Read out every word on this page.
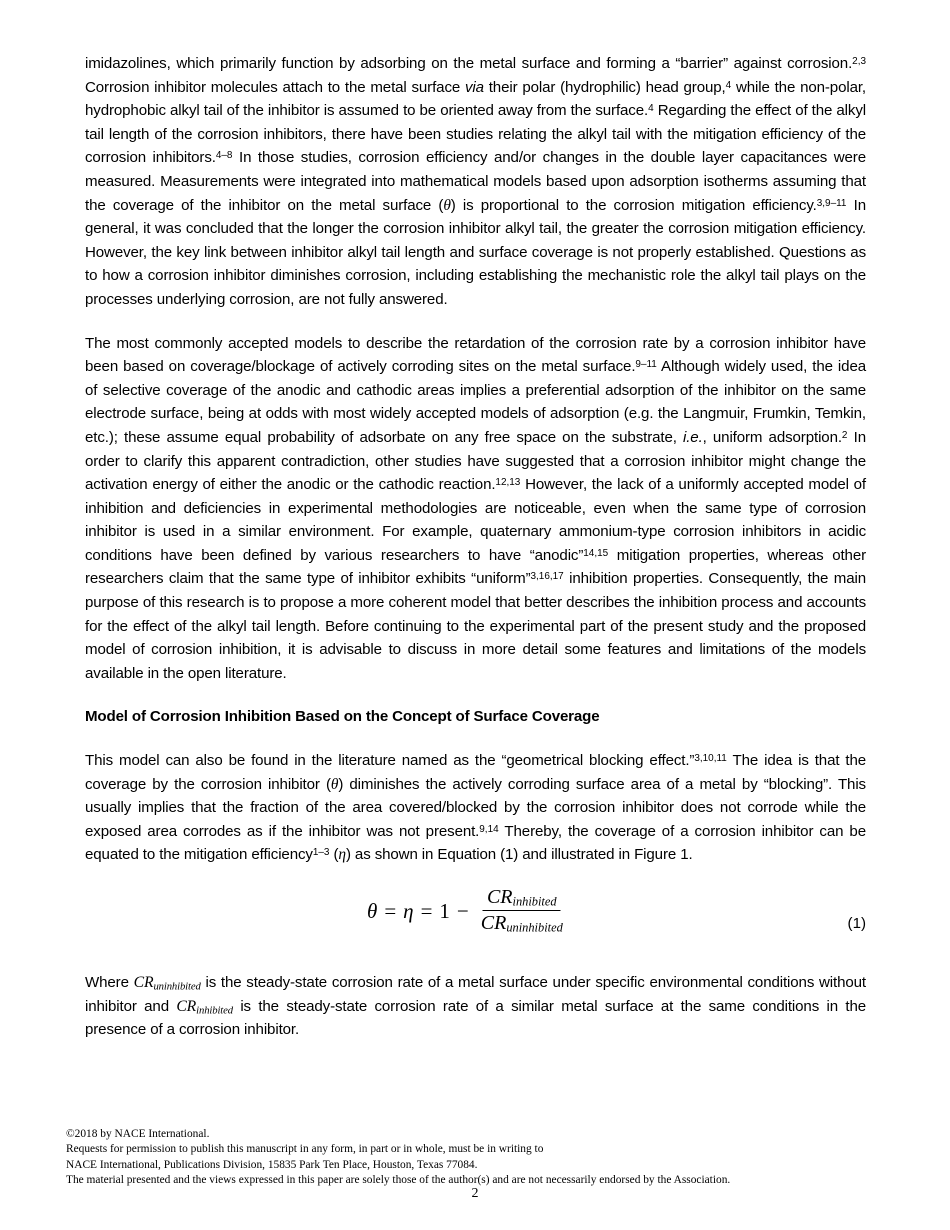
imidazolines, which primarily function by adsorbing on the metal surface and forming a “barrier” against corrosion.$^{2,3}$ Corrosion inhibitor molecules attach to the metal surface via their polar (hydrophilic) head group,$^4$ while the non-polar, hydrophobic alkyl tail of the inhibitor is assumed to be oriented away from the surface.$^4$ Regarding the effect of the alkyl tail length of the corrosion inhibitors, there have been studies relating the alkyl tail with the mitigation efficiency of the corrosion inhibitors.$^{4-8}$ In those studies, corrosion efficiency and/or changes in the double layer capacitances were measured. Measurements were integrated into mathematical models based upon adsorption isotherms assuming that the coverage of the inhibitor on the metal surface (θ) is proportional to the corrosion mitigation efficiency.$^{3,9-11}$ In general, it was concluded that the longer the corrosion inhibitor alkyl tail, the greater the corrosion mitigation efficiency. However, the key link between inhibitor alkyl tail length and surface coverage is not properly established. Questions as to how a corrosion inhibitor diminishes corrosion, including establishing the mechanistic role the alkyl tail plays on the processes underlying corrosion, are not fully answered.

The most commonly accepted models to describe the retardation of the corrosion rate by a corrosion inhibitor have been based on coverage/blockage of actively corroding sites on the metal surface.$^{9-11}$ Although widely used, the idea of selective coverage of the anodic and cathodic areas implies a preferential adsorption of the inhibitor on the same electrode surface, being at odds with most widely accepted models of adsorption (e.g. the Langmuir, Frumkin, Temkin, etc.); these assume equal probability of adsorbate on any free space on the substrate, i.e., uniform adsorption.$^2$ In order to clarify this apparent contradiction, other studies have suggested that a corrosion inhibitor might change the activation energy of either the anodic or the cathodic reaction.$^{12,13}$ However, the lack of a uniformly accepted model of inhibition and deficiencies in experimental methodologies are noticeable, even when the same type of corrosion inhibitor is used in a similar environment. For example, quaternary ammonium-type corrosion inhibitors in acidic conditions have been defined by various researchers to have “anodic”$^{14,15}$ mitigation properties, whereas other researchers claim that the same type of inhibitor exhibits “uniform”$^{3,16,17}$ inhibition properties. Consequently, the main purpose of this research is to propose a more coherent model that better describes the inhibition process and accounts for the effect of the alkyl tail length. Before continuing to the experimental part of the present study and the proposed model of corrosion inhibition, it is advisable to discuss in more detail some features and limitations of the models available in the open literature.

Model of Corrosion Inhibition Based on the Concept of Surface Coverage

This model can also be found in the literature named as the “geometrical blocking effect.”$^{3,10,11}$ The idea is that the coverage by the corrosion inhibitor (θ) diminishes the actively corroding surface area of a metal by “blocking”. This usually implies that the fraction of the area covered/blocked by the corrosion inhibitor does not corrode while the exposed area corrodes as if the inhibitor was not present.$^{9,14}$ Thereby, the coverage of a corrosion inhibitor can be equated to the mitigation efficiency$^{1-3}$ (η) as shown in Equation (1) and illustrated in Figure 1.

$\theta = \eta = 1 - \frac{CR_{inhibited}}{CR_{uninhibited}}$	(1)

Where $CR_{uninhibited}$ is the steady-state corrosion rate of a metal surface under specific environmental conditions without inhibitor and $CR_{inhibited}$ is the steady-state corrosion rate of a similar metal surface at the same conditions in the presence of a corrosion inhibitor.

©2018 by NACE International.
Requests for permission to publish this manuscript in any form, in part or in whole, must be in writing to
NACE International, Publications Division, 15835 Park Ten Place, Houston, Texas 77084.
The material presented and the views expressed in this paper are solely those of the author(s) and are not necessarily endorsed by the Association.
2
